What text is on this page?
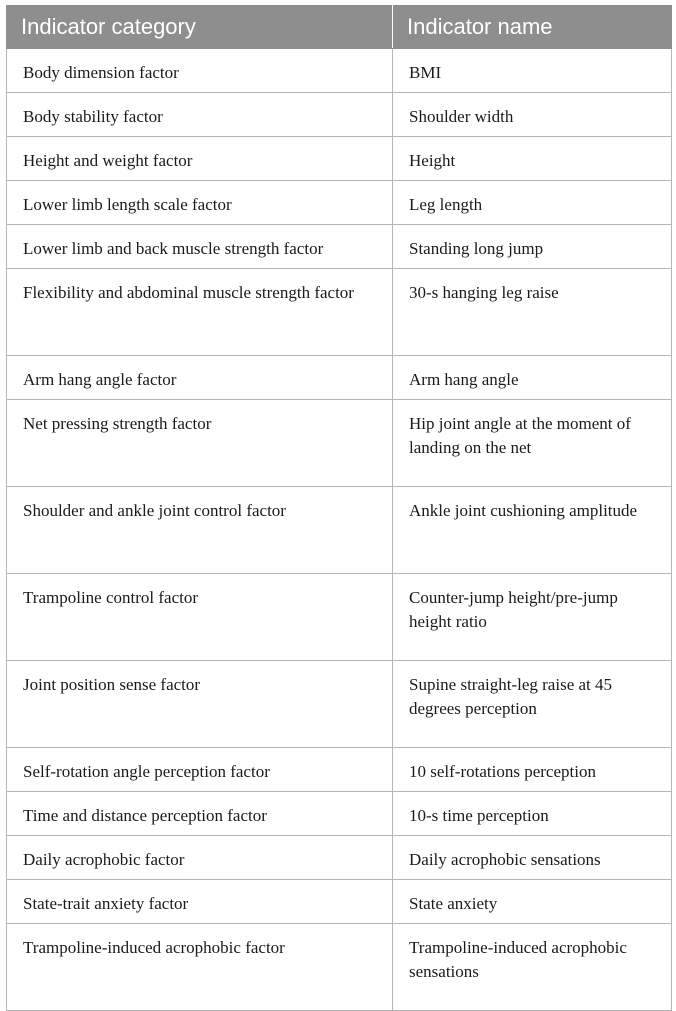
Indicator category	Indicator name
Body dimension factor	BMI
Body stability factor	Shoulder width
Height and weight factor	Height
Lower limb length scale factor	Leg length
Lower limb and back muscle strength factor	Standing long jump
Flexibility and abdominal muscle strength factor	30-s hanging leg raise
Arm hang angle factor	Arm hang angle
Net pressing strength factor	Hip joint angle at the moment of landing on the net
Shoulder and ankle joint control factor	Ankle joint cushioning amplitude
Trampoline control factor	Counter-jump height/pre-jump height ratio
Joint position sense factor	Supine straight-leg raise at 45 degrees perception
Self-rotation angle perception factor	10 self-rotations perception
Time and distance perception factor	10-s time perception
Daily acrophobic factor	Daily acrophobic sensations
State-trait anxiety factor	State anxiety
Trampoline-induced acrophobic factor	Trampoline-induced acrophobic sensations
